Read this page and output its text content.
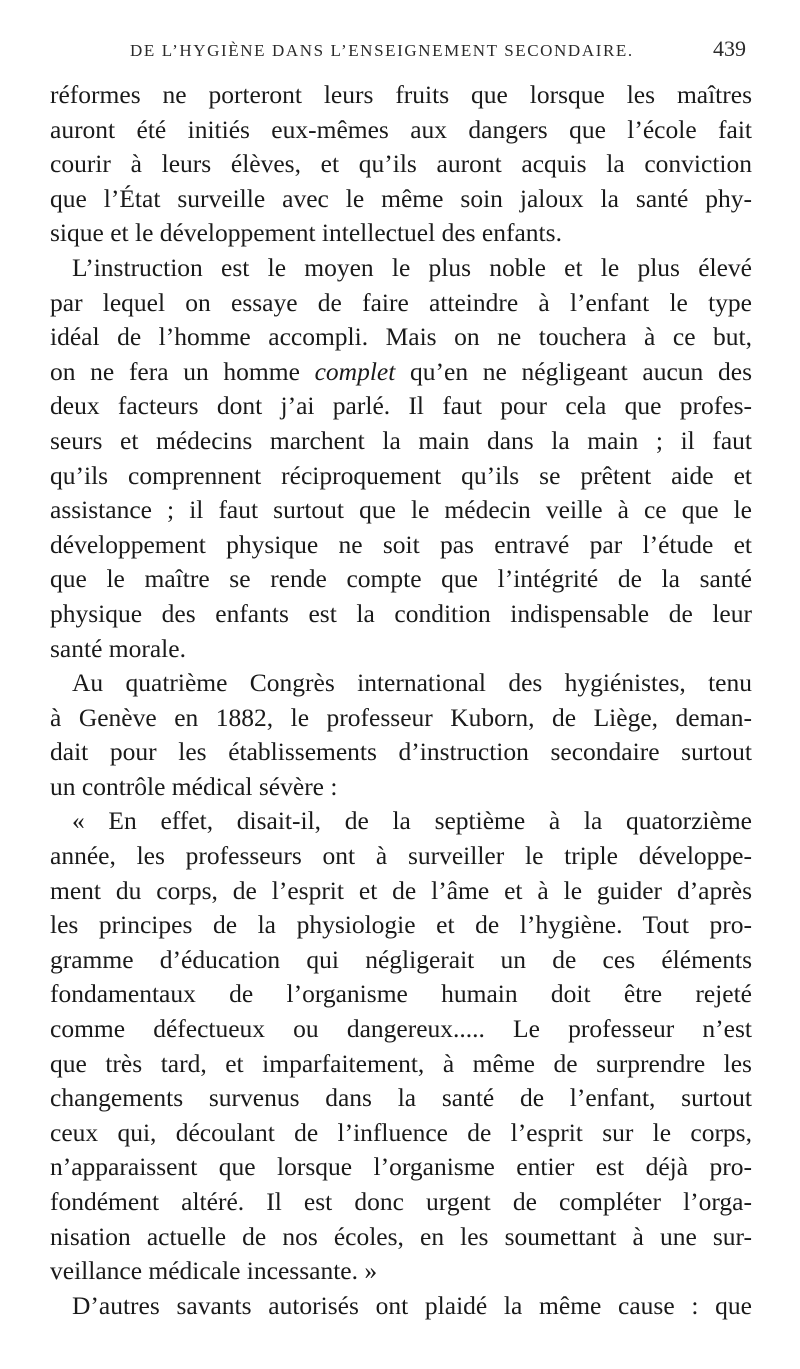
DE L’HYGIÈNE DANS L’ENSEIGNEMENT SECONDAIRE.	439

réformes ne porteront leurs fruits que lorsque les maîtres
auront été initiés eux-mêmes aux dangers que l’école fait
courir à leurs élèves, et qu’ils auront acquis la conviction
que l’État surveille avec le même soin jaloux la santé phy-
sique et le développement intellectuel des enfants.

L’instruction est le moyen le plus noble et le plus élevé
par lequel on essaye de faire atteindre à l’enfant le type
idéal de l’homme accompli. Mais on ne touchera à ce but,
on ne fera un homme complet qu’en ne négligeant aucun des
deux facteurs dont j’ai parlé. Il faut pour cela que profes-
seurs et médecins marchent la main dans la main ; il faut
qu’ils comprennent réciproquement qu’ils se prêtent aide et
assistance ; il faut surtout que le médecin veille à ce que le
développement physique ne soit pas entravé par l’étude et
que le maître se rende compte que l’intégrité de la santé
physique des enfants est la condition indispensable de leur
santé morale.

Au quatrième Congrès international des hygiénistes, tenu
à Genève en 1882, le professeur Kuborn, de Liège, deman-
dait pour les établissements d’instruction secondaire surtout
un contrôle médical sévère :

« En effet, disait-il, de la septième à la quatorzième
année, les professeurs ont à surveiller le triple développe-
ment du corps, de l’esprit et de l’âme et à le guider d’après
les principes de la physiologie et de l’hygiène. Tout pro-
gramme d’éducation qui négligerait un de ces éléments
fondamentaux de l’organisme humain doit être rejeté
comme défectueux ou dangereux..... Le professeur n’est
que très tard, et imparfaitement, à même de surprendre les
changements survenus dans la santé de l’enfant, surtout
ceux qui, découlant de l’influence de l’esprit sur le corps,
n’apparaissent que lorsque l’organisme entier est déjà pro-
fondément altéré. Il est donc urgent de compléter l’orga-
nisation actuelle de nos écoles, en les soumettant à une sur-
veillance médicale incessante. »

D’autres savants autorisés ont plaidé la même cause : que
